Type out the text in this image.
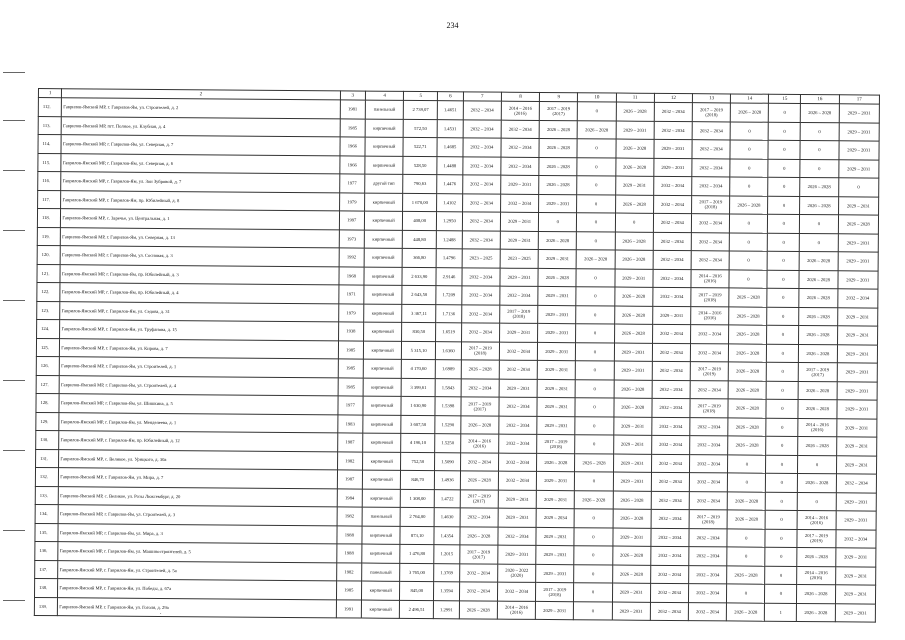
234
1	2	3	4	5	6	7	8	9	10	11	12	13	14	15	16	17
112.	Гаврилов-Ямский МР, г. Гаврилов-Ям, ул. Строителей, д. 2	1981	панельный	2 739,07	1.4651	2032 – 2034	2014 – 2016 (2016)	2017 – 2019 (2017)	0	2026 – 2028	2032 – 2034	2017 – 2019 (2018)	2026 – 2028	0	2026 – 2028	2029 – 2031
113.	Гаврилов-Ямский МР, пгт. Полное, ул. Клубная, д. 4	1985	кирпичный	572,50	1.4531	2032 – 2034	2032 – 2034	2026 – 2028	2026 – 2028	2029 – 2031	2032 – 2034	2032 – 2034	0	0	0	2029 – 2031
114.	Гаврилов-Ямский МР, г. Гаврилов-Ям, ул. Северная, д. 7	1966	кирпичный	522,71	1.4685	2032 – 2034	2032 – 2034	2026 – 2028	0	2026 – 2028	2029 – 2031	2032 – 2034	0	0	0	2029 – 2031
115.	Гаврилов-Ямский МР, г. Гаврилов-Ям, ул. Северная, д. 6	1966	кирпичный	528,50	1.4488	2032 – 2034	2032 – 2034	2026 – 2028	0	2026 – 2028	2029 – 2031	2032 – 2034	0	0	0	2029 – 2031
116.	Гаврилов-Ямский МР, г. Гаврилов-Ям, ул. Зои Зубровой, д. 7	1977	другой тип	790,63	1.4476	2032 – 2034	2029 – 2031	2026 – 2028	0	2029 – 2031	2032 – 2034	2032 – 2034	0	0	2026 – 2028	0
117.	Гаврилов-Ямский МР, г. Гаврилов-Ям, пр. Юбилейный, д. 8	1979	кирпичный	1 670,00	1.4102	2032 – 2034	2032 – 2034	2029 – 2031	0	2026 – 2028	2032 – 2034	2017 – 2019 (2018)	2026 – 2028	0	2026 – 2028	2029 – 2031
118.	Гаврилов-Ямский МР, с. Заречье, ул. Центральная, д. 1	1997	кирпичный	408,00	1.2950	2032 – 2034	2029 – 2031	0	0	0	2032 – 2034	2032 – 2034	0	0	0	2026 – 2028
119.	Гаврилов-Ямский МР, г. Гаврилов-Ям, ул. Северная, д. 13	1973	кирпичный	448,80	1.2488	2032 – 2034	2029 – 2031	2026 – 2028	0	2026 – 2028	2032 – 2034	2032 – 2034	0	0	0	2029 – 2031
120.	Гаврилов-Ямский МР, г. Гаврилов-Ям, ул. Сосновая, д. 3	1992	кирпичный	366,80	1.4796	2023 – 2025	2023 – 2025	2029 – 2031	2026 – 2028	2026 – 2028	2032 – 2034	2032 – 2034	0	0	2026 – 2028	2029 – 2031
121.	Гаврилов-Ямский МР, г. Гаврилов-Ям, пр. Юбилейный, д. 3	1968	кирпичный	2 633,90	2.9146	2032 – 2034	2029 – 2031	2026 – 2028	0	2029 – 2031	2032 – 2034	2014 – 2016 (2016)	0	0	2026 – 2028	2029 – 2031
122.	Гаврилов-Ямский МР, г. Гаврилов-Ям, пр. Юбилейный, д. 4	1971	кирпичный	2 643,50	1.7209	2032 – 2034	2032 – 2034	2029 – 2031	0	2026 – 2028	2032 – 2034	2017 – 2019 (2018)	2026 – 2028	0	2026 – 2028	2032 – 2034
123.	Гаврилов-Ямский МР, г. Гаврилов-Ям, ул. Седова, д. 31	1979	кирпичный	3 367,11	1.7136	2032 – 2034	2017 – 2019 (2018)	2029 – 2031	0	2026 – 2028	2029 – 2031	2014 – 2016 (2016)	2026 – 2028	0	2026 – 2028	2029 – 2031
124.	Гаврилов-Ямский МР, г. Гаврилов-Ям, ул. Труфанова, д. 15	1938	кирпичный	830,50	1.6519	2032 – 2034	2029 – 2031	2029 – 2031	0	2026 – 2028	2032 – 2034	2032 – 2034	2026 – 2028	0	2026 – 2028	2029 – 2031
125.	Гаврилов-Ямский МР, г. Гаврилов-Ям, ул. Кирова, д. 7	1985	кирпичный	5 315,10	1.6360	2017 – 2019 (2018)	2032 – 2034	2029 – 2031	0	2029 – 2031	2032 – 2034	2032 – 2034	2026 – 2028	0	2026 – 2028	2029 – 2031
126.	Гаврилов-Ямский МР, г. Гаврилов-Ям, ул. Строителей, д. 1	1985	кирпичный	4 170,60	1.6989	2026 – 2028	2032 – 2034	2029 – 2031	0	2029 – 2031	2032 – 2034	2017 – 2019 (2019)	2026 – 2028	0	2017 – 2019 (2017)	2029 – 2031
127.	Гаврилов-Ямский МР, г. Гаврилов-Ям, ул. Строителей, д. 4	1985	кирпичный	3 399,61	1.5843	2032 – 2034	2029 – 2031	2029 – 2031	0	2026 – 2028	2032 – 2034	2032 – 2034	2026 – 2028	0	2026 – 2028	2029 – 2031
128.	Гаврилов-Ямский МР, г. Гаврилов-Ям, ул. Шишкина, д. 5	1977	кирпичный	1 630,90	1.5398	2017 – 2019 (2017)	2032 – 2034	2029 – 2031	0	2026 – 2028	2032 – 2034	2017 – 2019 (2018)	2026 – 2028	0	2026 – 2028	2029 – 2031
129.	Гаврилов-Ямский МР, г. Гаврилов-Ям, ул. Менделеева, д. 1	1983	кирпичный	3 607,50	1.5290	2026 – 2028	2032 – 2034	2029 – 2031	0	2029 – 2031	2032 – 2034	2032 – 2034	2026 – 2028	0	2014 – 2016 (2016)	2029 – 2031
130.	Гаврилов-Ямский МР, г. Гаврилов-Ям, пр. Юбилейный, д. 12	1987	кирпичный	4 196,10	1.5250	2014 – 2016 (2016)	2032 – 2034	2017 – 2019 (2018)	0	2029 – 2031	2032 – 2034	2032 – 2034	2026 – 2028	0	2026 – 2028	2029 – 2031
131.	Гаврилов-Ямский МР, с. Великое, ул. Урицкого, д. 30а	1982	кирпичный	752,50	1.5090	2032 – 2034	2032 – 2034	2026 – 2028	2026 – 2028	2029 – 2031	2032 – 2034	2032 – 2034	0	0	0	2029 – 2031
132.	Гаврилов-Ямский МР, г. Гаврилов-Ям, ул. Мира, д. 7	1987	кирпичный	846,70	1.4936	2026 – 2028	2032 – 2034	2029 – 2031	0	2029 – 2031	2032 – 2034	2032 – 2034	0	0	2026 – 2028	2032 – 2034
133.	Гаврилов-Ямский МР, с. Великое, ул. Розы Люксембург, д. 20	1984	кирпичный	1 308,00	1.4722	2017 – 2019 (2017)	2029 – 2031	2029 – 2031	2026 – 2028	2026 – 2028	2032 – 2034	2032 – 2034	2026 – 2028	0	0	2029 – 2031
134.	Гаврилов-Ямский МР, г. Гаврилов-Ям, ул. Строителей, д. 3	1982	панельный	2 764,00	1.4630	2032 – 2034	2029 – 2031	2029 – 2034	0	2026 – 2028	2032 – 2034	2017 – 2019 (2018)	2026 – 2028	0	2014 – 2016 (2016)	2029 – 2031
135.	Гаврилов-Ямский МР, г. Гаврилов-Ям, ул. Мира, д. 3	1988	кирпичный	873,10	1.4354	2026 – 2028	2032 – 2034	2029 – 2031	0	2029 – 2031	2032 – 2034	2032 – 2034	0	0	2017 – 2019 (2019)	2032 – 2034
136.	Гаврилов-Ямский МР, г. Гаврилов-Ям, ул. Машиностроителей, д. 5	1988	кирпичный	1 476,80	1.2015	2017 – 2019 (2017)	2029 – 2031	2029 – 2031	0	2026 – 2028	2032 – 2034	2032 – 2034	0	0	2026 – 2028	2029 – 2031
137.	Гаврилов-Ямский МР, г. Гаврилов-Ям, ул. Строителей, д. 5а	1982	панельный	3 765,00	1.3769	2032 – 2034	2020 – 2022 (2020)	2029 – 2031	0	2026 – 2028	2032 – 2034	2032 – 2034	2026 – 2028	0	2014 – 2016 (2016)	2029 – 2031
138.	Гаврилов-Ямский МР, г. Гаврилов-Ям, ул. Победы, д. 67а	1985	кирпичный	845,00	1.3594	2032 – 2034	2032 – 2034	2017 – 2019 (2018)	0	2029 – 2031	2032 – 2034	2032 – 2034	0	0	2026 – 2028	2029 – 2031
139.	Гаврилов-Ямский МР, г. Гаврилов-Ям, ул. Гоголя, д. 29а	1991	кирпичный	2 496,51	1.2991	2026 – 2028	2014 – 2016 (2016)	2029 – 2031	0	2029 – 2031	2032 – 2034	2032 – 2034	2026 – 2028	1	2026 – 2028	2029 – 2031
.
